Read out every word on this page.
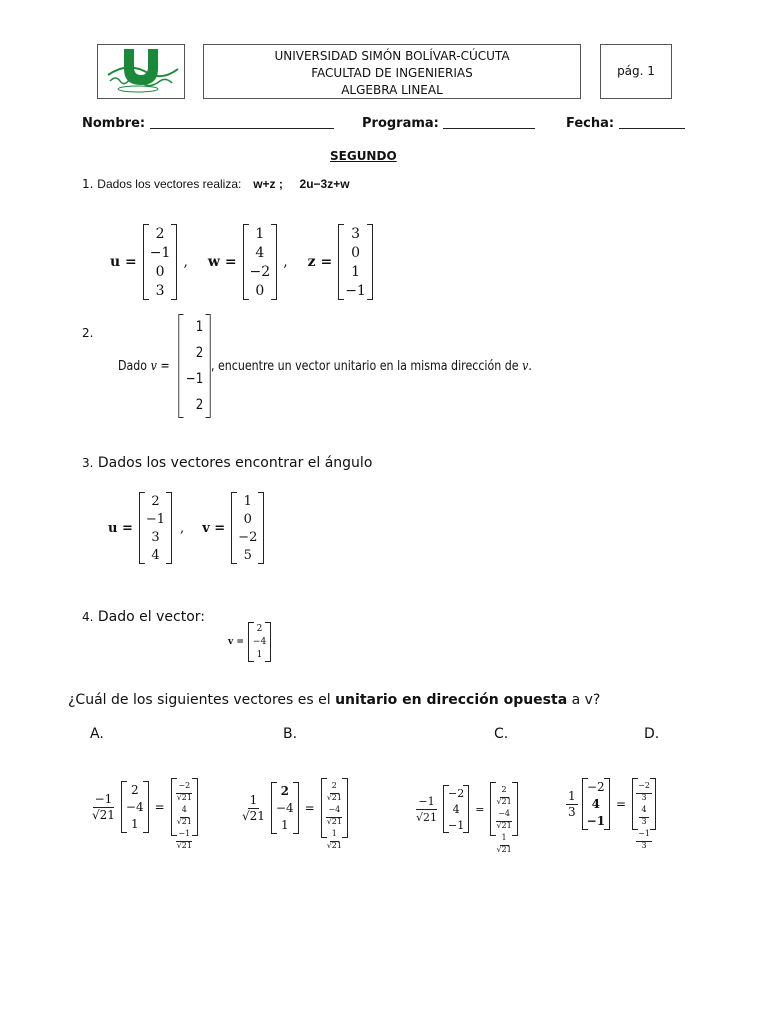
UNIVERSIDAD SIMÓN BOLÍVAR-CÚCUTA
FACULTAD DE INGENIERIAS
ALGEBRA LINEAL
pág. 1
Nombre:	Programa:	Fecha:
SEGUNDO
1. Dados los vectores realiza: w+z ;     2u−3z+w
u =
2
−1
0
3
, w =
1
4
−2
0
, z =
3
0
1
−1
2.
Dado v =
1
2
−1
2
, encuentre un vector unitario en la misma dirección de v .
3. Dados los vectores encontrar el ángulo
u =
2
−1
3
4
, v =
1
0
−2
5
4. Dado el vector:
v =
2
−4
1
¿Cuál de los siguientes vectores es el unitario en dirección opuesta a v?
A.	B.	C.	D.
$\frac{-1}{√21}$
2
−4
1
=
$\frac{-2}{√21}$
$\frac{4}{√21}$
$\frac{-1}{√21}$
$\frac{1}{√21}$
2
−4
1
=
$\frac{2}{√21}$
$\frac{-4}{√21}$
$\frac{1}{√21}$
$\frac{-1}{√21}$
−2
4
−1
=
$\frac{2}{√21}$
$\frac{-4}{√21}$
$\frac{1}{√21}$
$\frac{1}{3}$
−2
4
−1
=
$\frac{-2}{3}$
$\frac{4}{3}$
$\frac{-1}{3}$
